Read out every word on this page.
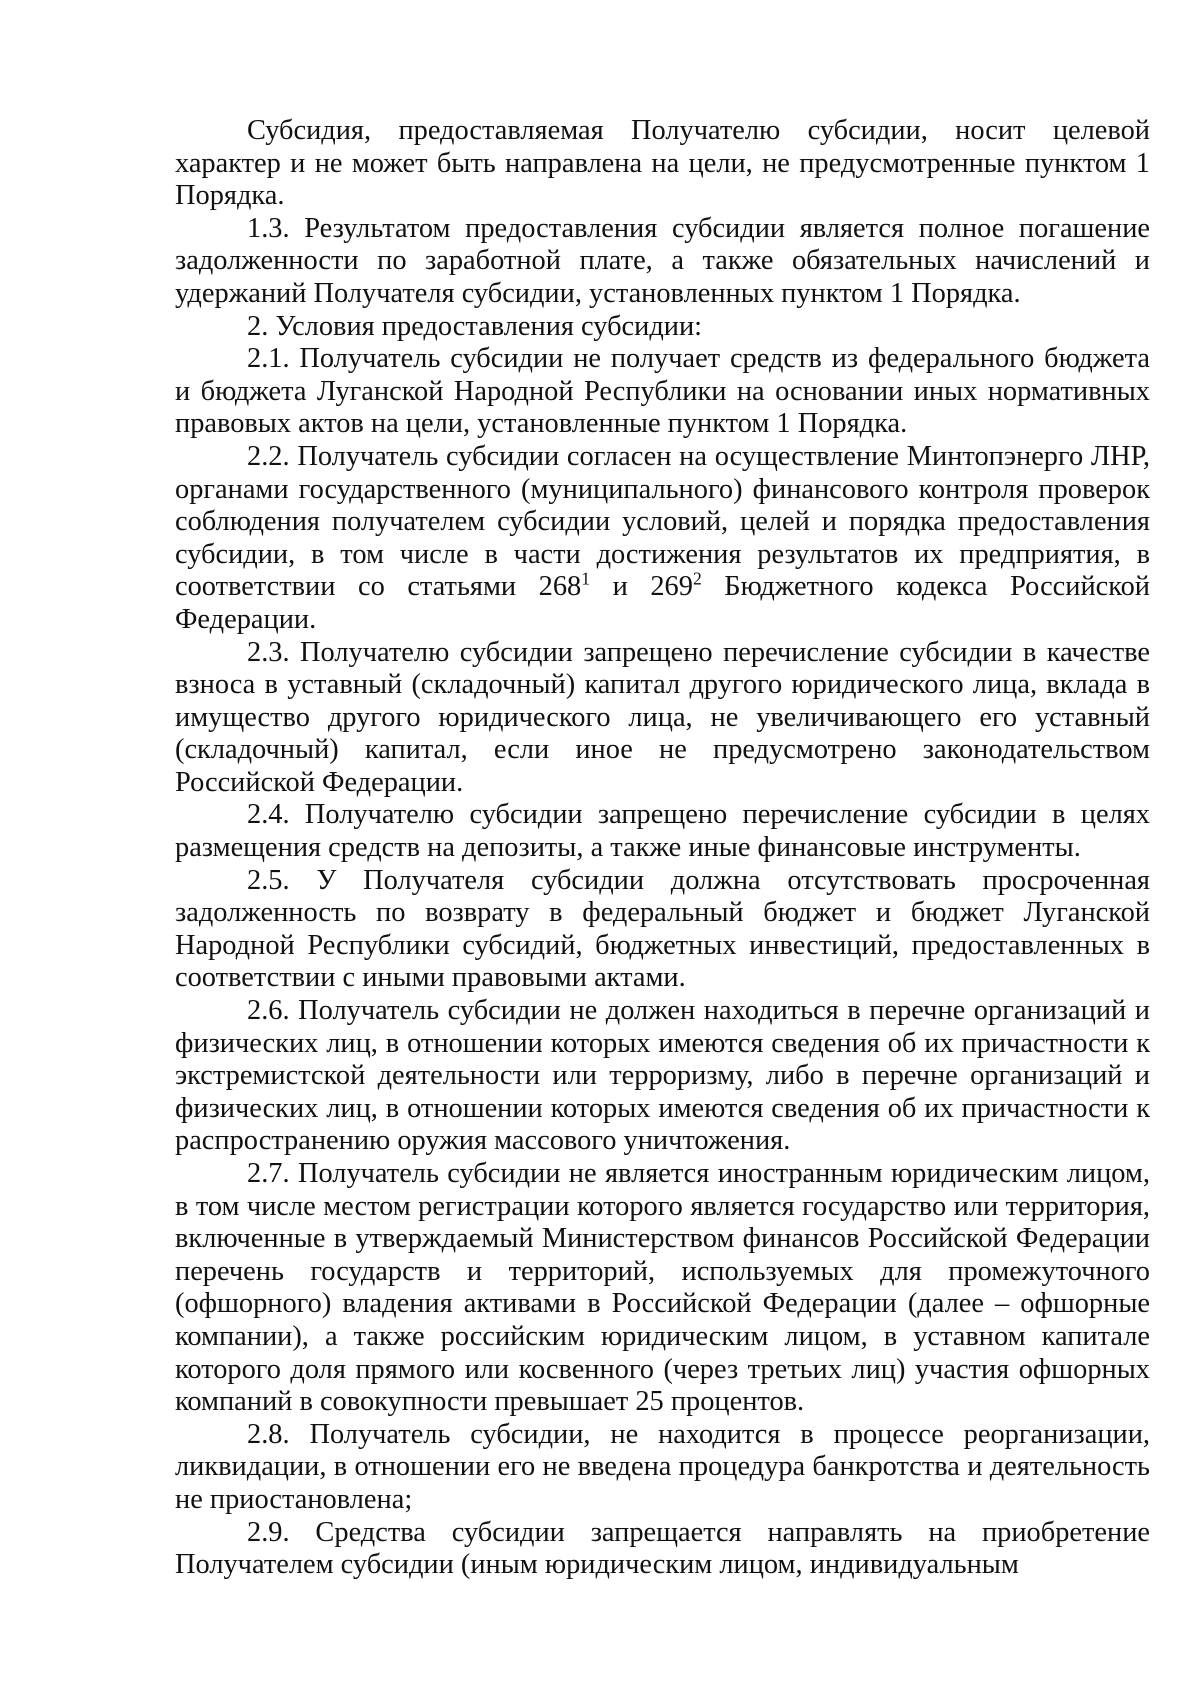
Субсидия, предоставляемая Получателю субсидии, носит целевой характер и не может быть направлена на цели, не предусмотренные пунктом 1 Порядка.

1.3. Результатом предоставления субсидии является полное погашение задолженности по заработной плате, а также обязательных начислений и удержаний Получателя субсидии, установленных пунктом 1 Порядка.

2. Условия предоставления субсидии:

2.1. Получатель субсидии не получает средств из федерального бюджета и бюджета Луганской Народной Республики на основании иных нормативных правовых актов на цели, установленные пунктом 1 Порядка.

2.2. Получатель субсидии согласен на осуществление Минтопэнерго ЛНР, органами государственного (муниципального) финансового контроля проверок соблюдения получателем субсидии условий, целей и порядка предоставления субсидии, в том числе в части достижения результатов их предприятия, в соответствии со статьями $268^1$ и $269^2$ Бюджетного кодекса Российской Федерации.

2.3. Получателю субсидии запрещено перечисление субсидии в качестве взноса в уставный (складочный) капитал другого юридического лица, вклада в имущество другого юридического лица, не увеличивающего его уставный (складочный) капитал, если иное не предусмотрено законодательством Российской Федерации.

2.4. Получателю субсидии запрещено перечисление субсидии в целях размещения средств на депозиты, а также иные финансовые инструменты.

2.5. У Получателя субсидии должна отсутствовать просроченная задолженность по возврату в федеральный бюджет и бюджет Луганской Народной Республики субсидий, бюджетных инвестиций, предоставленных в соответствии с иными правовыми актами.

2.6. Получатель субсидии не должен находиться в перечне организаций и физических лиц, в отношении которых имеются сведения об их причастности к экстремистской деятельности или терроризму, либо в перечне организаций и физических лиц, в отношении которых имеются сведения об их причастности к распространению оружия массового уничтожения.

2.7. Получатель субсидии не является иностранным юридическим лицом, в том числе местом регистрации которого является государство или территория, включенные в утверждаемый Министерством финансов Российской Федерации перечень государств и территорий, используемых для промежуточного (офшорного) владения активами в Российской Федерации (далее – офшорные компании), а также российским юридическим лицом, в уставном капитале которого доля прямого или косвенного (через третьих лиц) участия офшорных компаний в совокупности превышает 25 процентов.

2.8. Получатель субсидии, не находится в процессе реорганизации, ликвидации, в отношении его не введена процедура банкротства и деятельность не приостановлена;

2.9. Средства субсидии запрещается направлять на приобретение Получателем субсидии (иным юридическим лицом, индивидуальным
